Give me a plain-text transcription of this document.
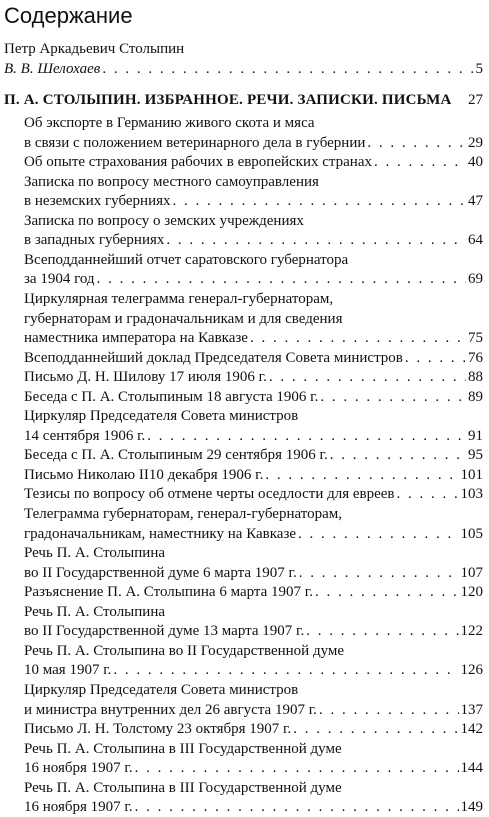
Содержание
Петр Аркадьевич Столыпин
В. В. Шелохаев . . .	5
П. А. СТОЛЫПИН. ИЗБРАННОЕ. РЕЧИ. ЗАПИСКИ. ПИСЬМА 27
Об экспорте в Германию живого скота и мяса
в связи с положением ветеринарного дела в губернии . . .	29
Об опыте страхования рабочих в европейских странах . . .	40
Записка по вопросу местного самоуправления
в неземских губерниях . . .	47
Записка по вопросу о земских учреждениях
в западных губерниях . . .	64
Всеподданнейший отчет саратовского губернатора
за 1904 год . . .	69
Циркулярная телеграмма генерал-губернаторам,
губернаторам и градоначальникам и для сведения
наместника императора на Кавказе . . .	75
Всеподданнейший доклад Председателя Совета министров . . .	76
Письмо Д. Н. Шилову 17 июля 1906 г. . . .	88
Беседа с П. А. Столыпиным 18 августа 1906 г. . . .	89
Циркуляр Председателя Совета министров
14 сентября 1906 г. . . .	91
Беседа с П. А. Столыпиным 29 сентября 1906 г. . . .	95
Письмо Николаю II10 декабря 1906 г. . . .	101
Тезисы по вопросу об отмене черты оседлости для евреев . . .	103
Телеграмма губернаторам, генерал-губернаторам,
градоначальникам, наместнику на Кавказе . . .	105
Речь П. А. Столыпина
во II Государственной думе 6 марта 1907 г. . . .	107
Разъяснение П. А. Столыпина 6 марта 1907 г. . . .	120
Речь П. А. Столыпина
во II Государственной думе 13 марта 1907 г. . . .	122
Речь П. А. Столыпина во II Государственной думе
10 мая 1907 г. . . .	126
Циркуляр Председателя Совета министров
и министра внутренних дел 26 августа 1907 г. . . .	137
Письмо Л. Н. Толстому 23 октября 1907 г. . . .	142
Речь П. А. Столыпина в III Государственной думе
16 ноября 1907 г. . . .	144
Речь П. А. Столыпина в III Государственной думе
16 ноября 1907 г. . . .	149
